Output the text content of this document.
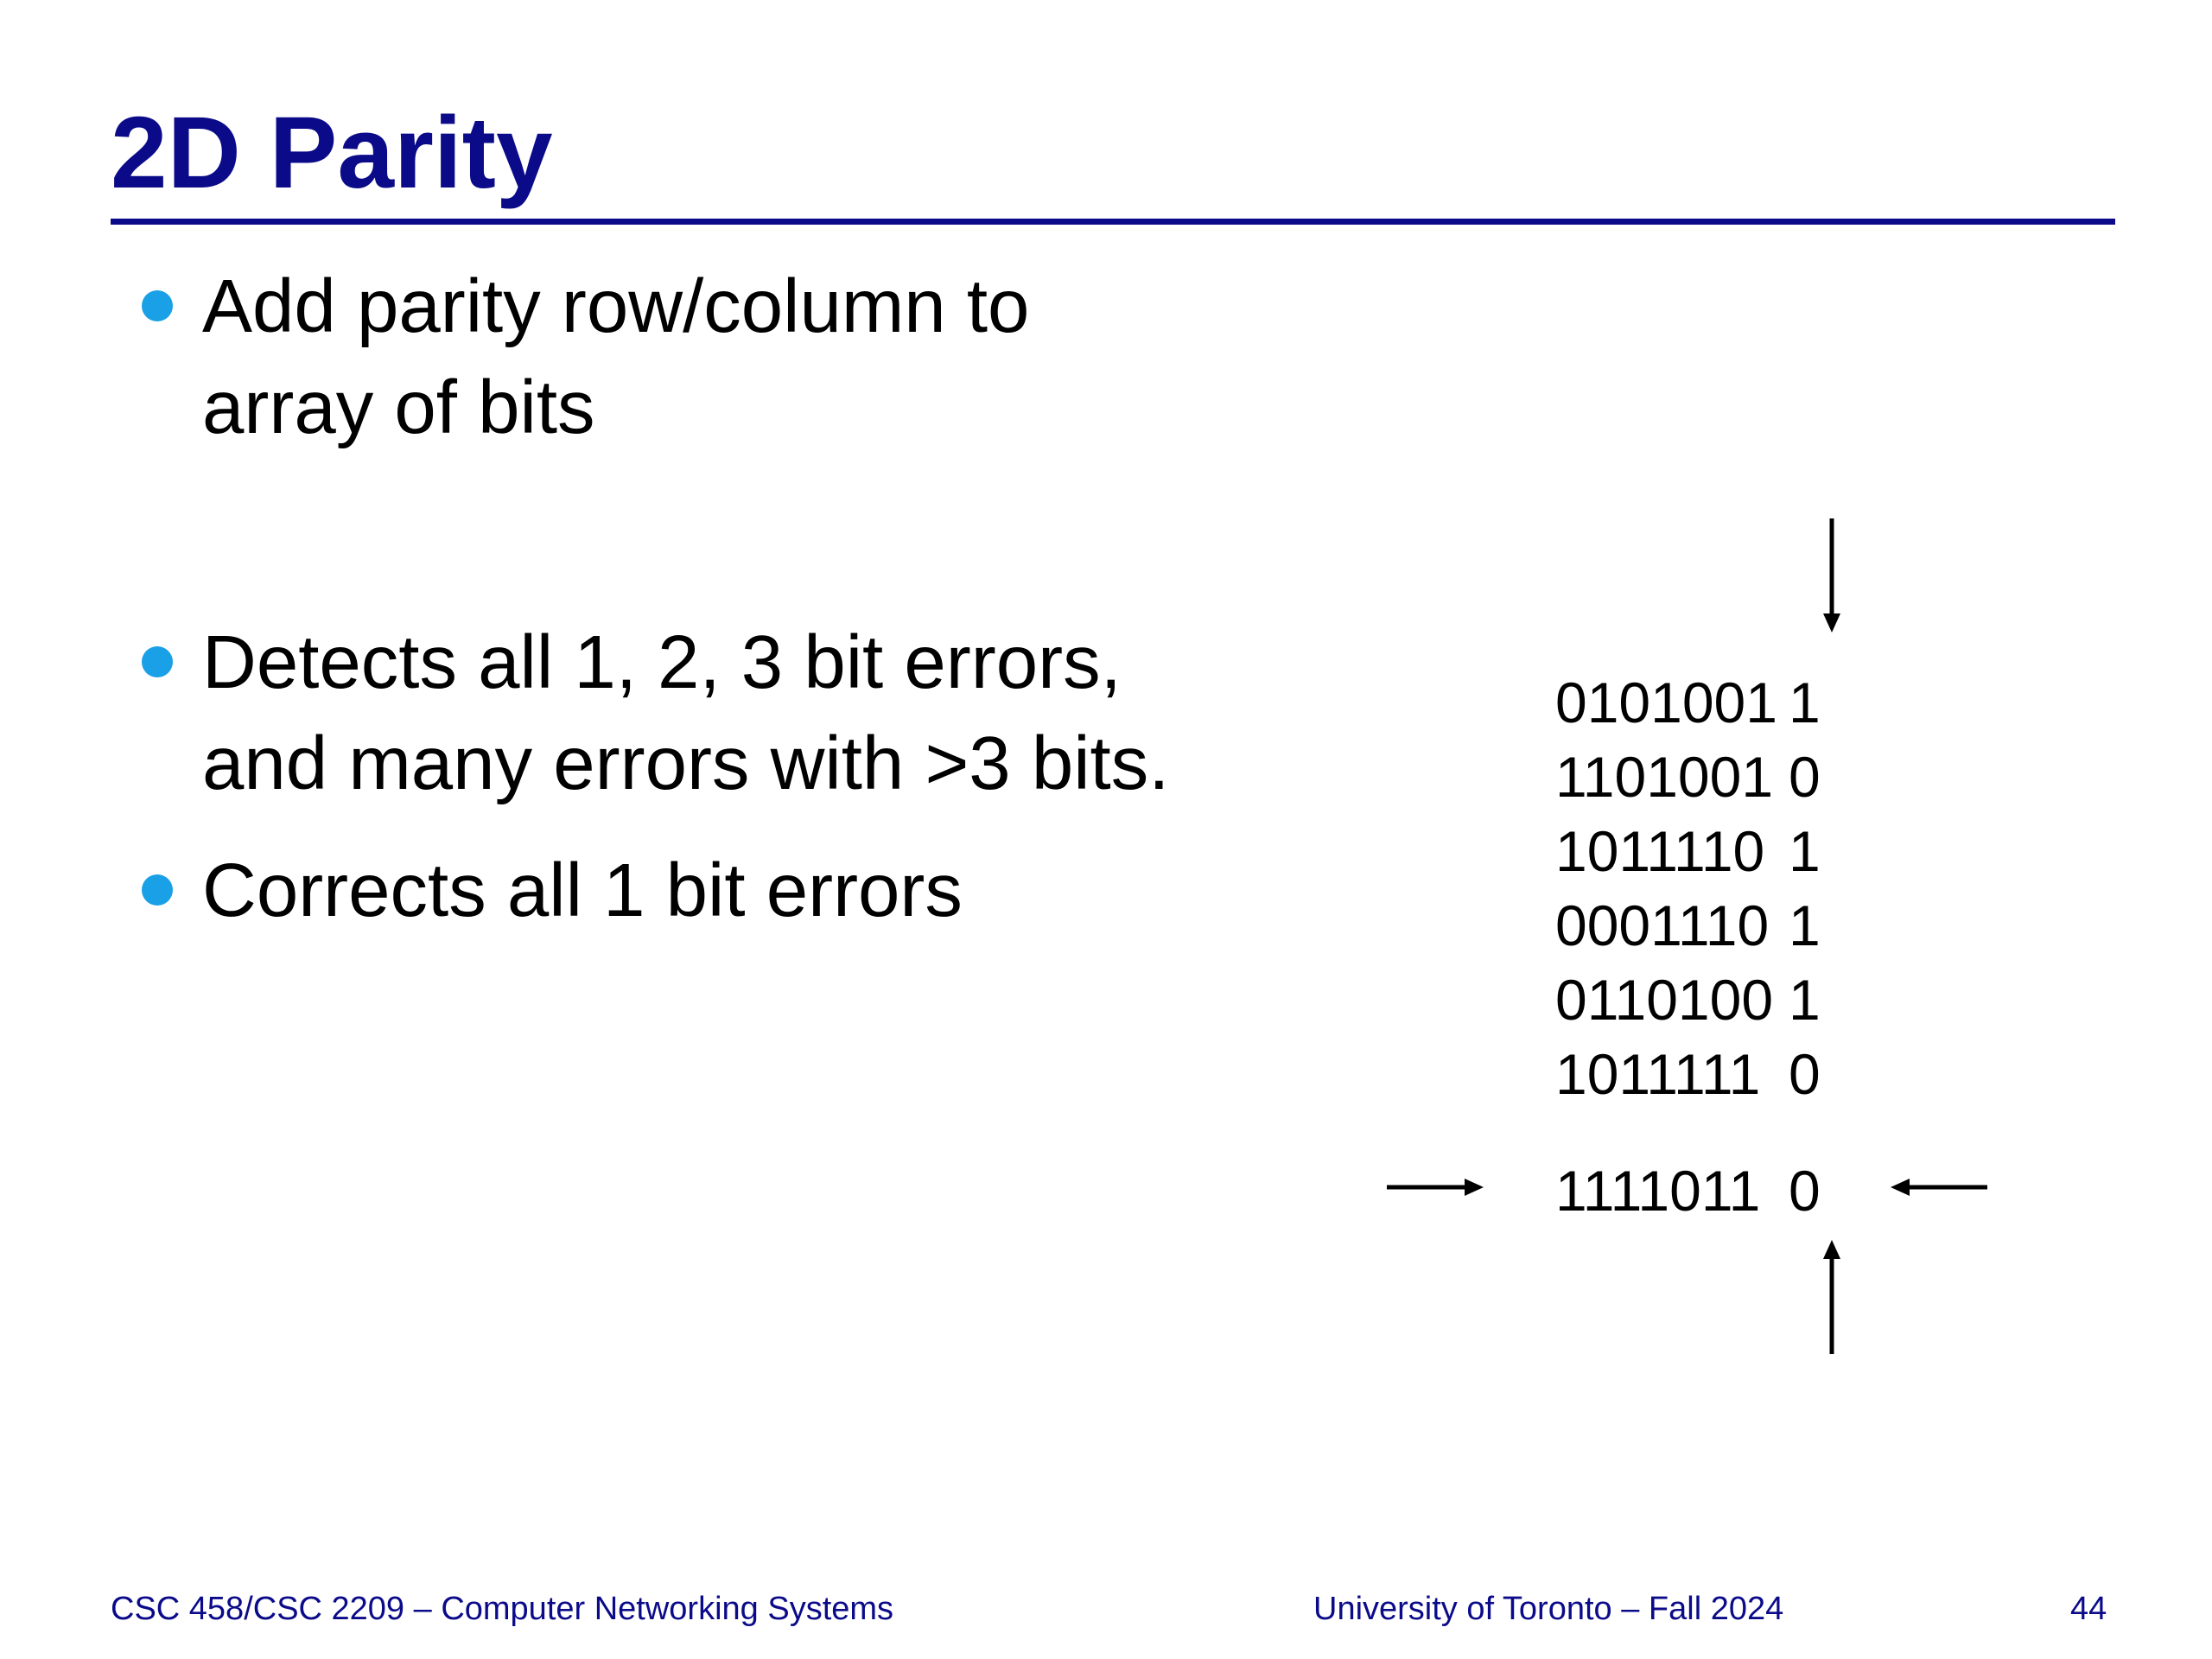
2D Parity
Add parity row/column to
array of bits
Detects all 1, 2, 3 bit errors,
and many errors with >3 bits.
Corrects all 1 bit errors
0101001 1
1101001 0
1011110 1
0001110 1
0110100 1
1011111 0
1111011 0
CSC 458/CSC 2209 – Computer Networking Systems	University of Toronto – Fall 2024	44
